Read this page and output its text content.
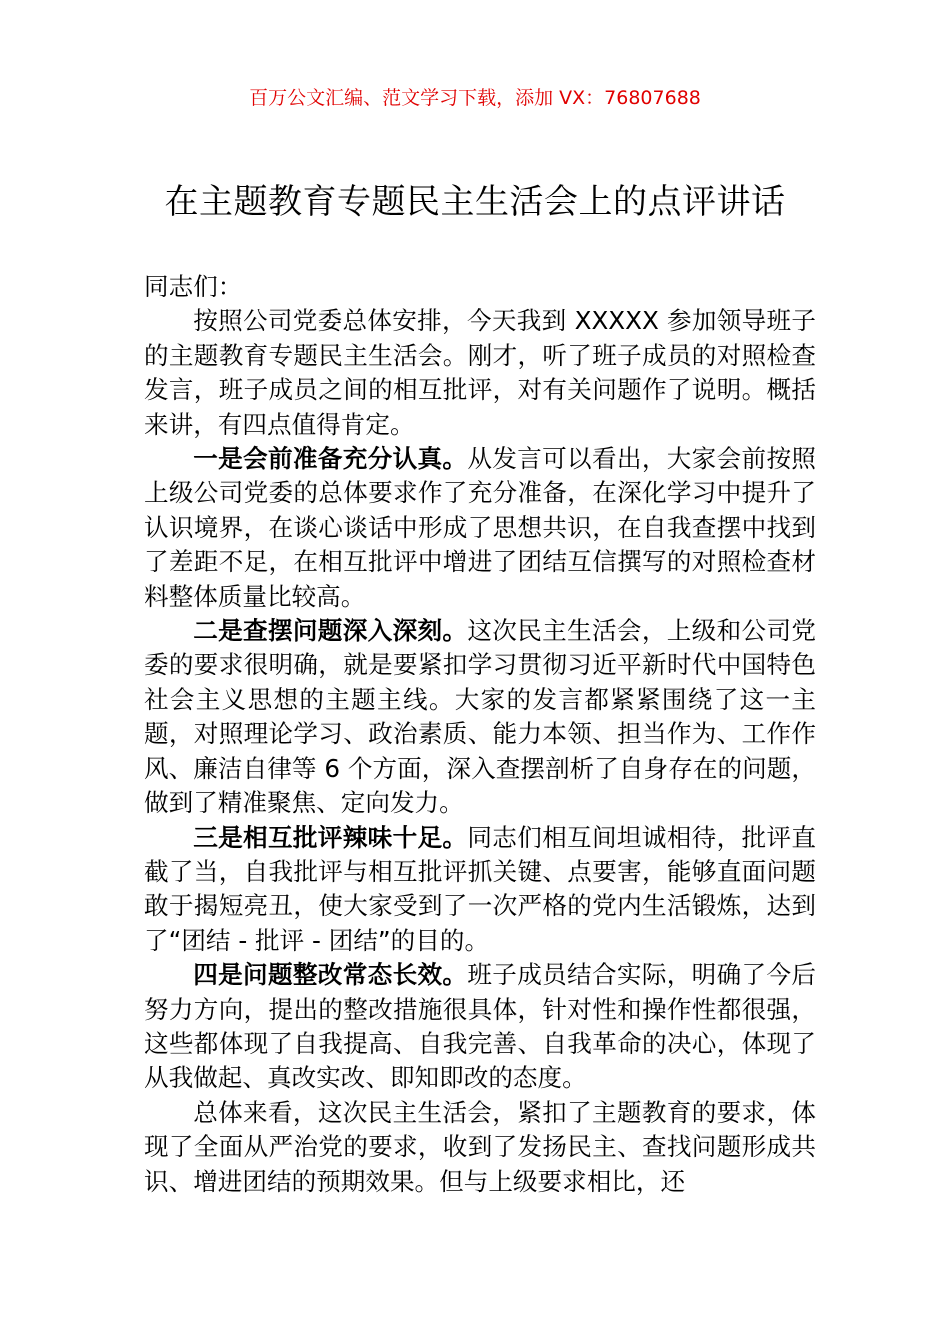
百万公文汇编、范文学习下载，添加 VX：76807688
在主题教育专题民主生活会上的点评讲话

同志们：

按照公司党委总体安排，今天我到 XXXXX 参加领导班子的主题教育专题民主生活会。刚才，听了班子成员的对照检查发言，班子成员之间的相互批评，对有关问题作了说明。概括来讲，有四点值得肯定。

一是会前准备充分认真。从发言可以看出，大家会前按照上级公司党委的总体要求作了充分准备，在深化学习中提升了认识境界，在谈心谈话中形成了思想共识，在自我查摆中找到了差距不足，在相互批评中增进了团结互信撰写的对照检查材料整体质量比较高。

二是查摆问题深入深刻。这次民主生活会，上级和公司党委的要求很明确，就是要紧扣学习贯彻习近平新时代中国特色社会主义思想的主题主线。大家的发言都紧紧围绕了这一主题，对照理论学习、政治素质、能力本领、担当作为、工作作风、廉洁自律等 6 个方面，深入查摆剖析了自身存在的问题，做到了精准聚焦、定向发力。

三是相互批评辣味十足。同志们相互间坦诚相待，批评直截了当，自我批评与相互批评抓关键、点要害，能够直面问题敢于揭短亮丑，使大家受到了一次严格的党内生活锻炼，达到了“团结 - 批评 - 团结”的目的。

四是问题整改常态长效。班子成员结合实际，明确了今后努力方向，提出的整改措施很具体，针对性和操作性都很强，这些都体现了自我提高、自我完善、自我革命的决心，体现了从我做起、真改实改、即知即改的态度。

总体来看，这次民主生活会，紧扣了主题教育的要求，体现了全面从严治党的要求，收到了发扬民主、查找问题形成共识、增进团结的预期效果。但与上级要求相比，还
